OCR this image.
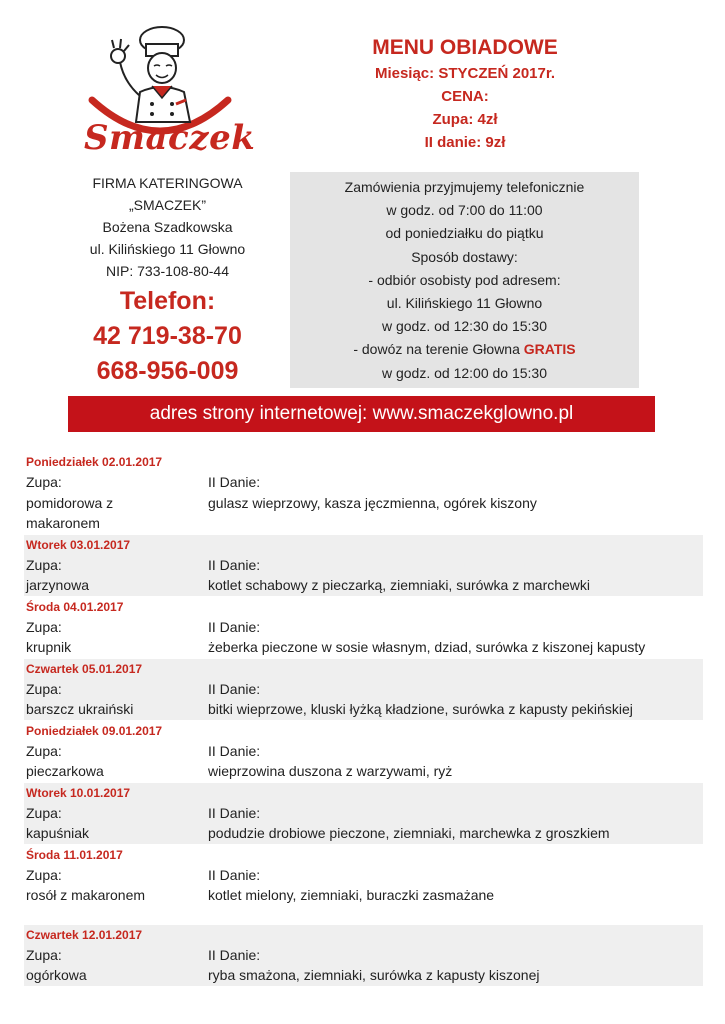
Smaczek
FIRMA KATERINGOWA
„SMACZEK”
Bożena Szadkowska
ul. Kilińskiego 11 Głowno
NIP: 733-108-80-44
Telefon:
42 719-38-70
668-956-009
MENU OBIADOWE
Miesiąc: STYCZEŃ 2017r.
CENA:
Zupa: 4zł
II danie: 9zł
Zamówienia przyjmujemy telefonicznie
w godz. od 7:00 do 11:00
od poniedziałku do piątku
Sposób dostawy:
- odbiór osobisty pod adresem:
ul. Kilińskiego 11 Głowno
w godz. od 12:30 do 15:30
- dowóz na terenie Głowna GRATIS
w godz. od 12:00 do 15:30
adres strony internetowej: www.smaczekglowno.pl
Poniedziałek 02.01.2017
Zupa:	II Danie:
pomidorowa z	gulasz wieprzowy, kasza jęczmienna, ogórek kiszony
makaronem
Wtorek 03.01.2017
Zupa:	II Danie:
jarzynowa	kotlet schabowy z pieczarką, ziemniaki, surówka z marchewki
Środa 04.01.2017
Zupa:	II Danie:
krupnik	żeberka pieczone w sosie własnym, dziad, surówka z kiszonej kapusty
Czwartek 05.01.2017
Zupa:	II Danie:
barszcz ukraiński	bitki wieprzowe, kluski łyżką kładzione, surówka z kapusty pekińskiej
Poniedziałek 09.01.2017
Zupa:	II Danie:
pieczarkowa	wieprzowina duszona z warzywami, ryż
Wtorek 10.01.2017
Zupa:	II Danie:
kapuśniak	podudzie drobiowe pieczone, ziemniaki, marchewka z groszkiem
Środa 11.01.2017
Zupa:	II Danie:
rosół z makaronem	kotlet mielony, ziemniaki, buraczki zasmażane
Czwartek 12.01.2017
Zupa:	II Danie:
ogórkowa	ryba smażona, ziemniaki, surówka z kapusty kiszonej
